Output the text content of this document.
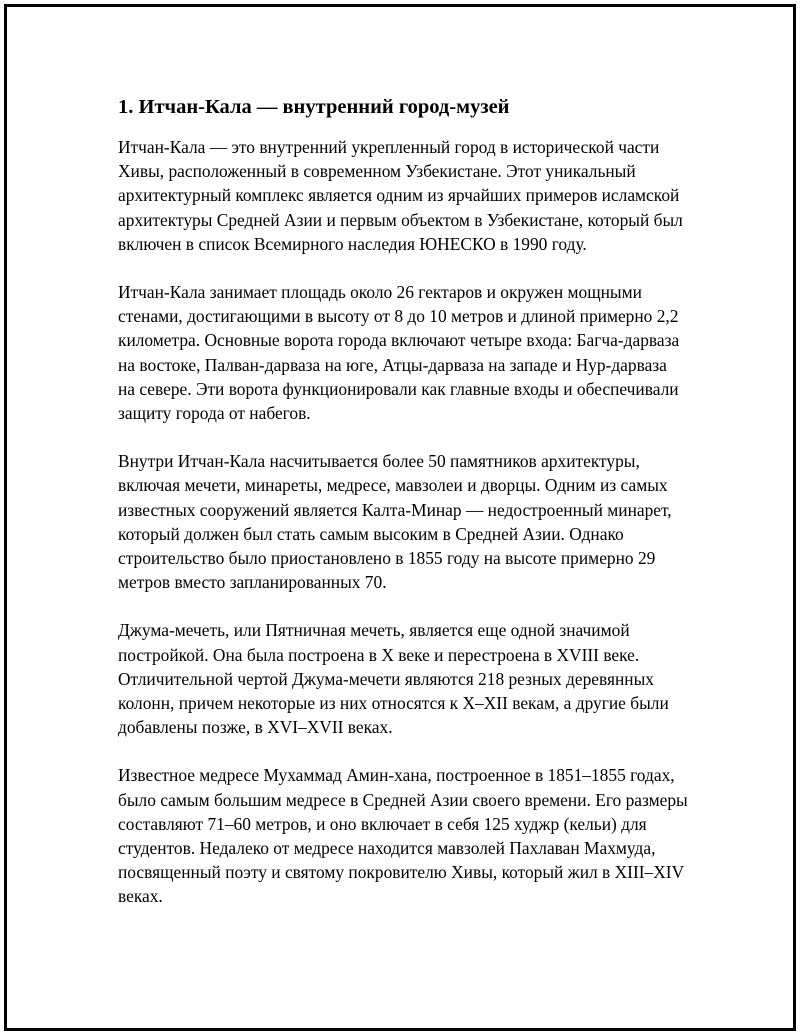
1. Итчан-Кала — внутренний город-музей

Итчан-Кала — это внутренний укрепленный город в исторической части Хивы, расположенный в современном Узбекистане. Этот уникальный архитектурный комплекс является одним из ярчайших примеров исламской архитектуры Средней Азии и первым объектом в Узбекистане, который был включен в список Всемирного наследия ЮНЕСКО в 1990 году.

Итчан-Кала занимает площадь около 26 гектаров и окружен мощными стенами, достигающими в высоту от 8 до 10 метров и длиной примерно 2,2 километра. Основные ворота города включают четыре входа: Багча-дарваза на востоке, Палван-дарваза на юге, Атцы-дарваза на западе и Нур-дарваза на севере. Эти ворота функционировали как главные входы и обеспечивали защиту города от набегов.

Внутри Итчан-Кала насчитывается более 50 памятников архитектуры, включая мечети, минареты, медресе, мавзолеи и дворцы. Одним из самых известных сооружений является Калта-Минар — недостроенный минарет, который должен был стать самым высоким в Средней Азии. Однако строительство было приостановлено в 1855 году на высоте примерно 29 метров вместо запланированных 70.

Джума-мечеть, или Пятничная мечеть, является еще одной значимой постройкой. Она была построена в X веке и перестроена в XVIII веке. Отличительной чертой Джума-мечети являются 218 резных деревянных колонн, причем некоторые из них относятся к X–XII векам, а другие были добавлены позже, в XVI–XVII веках.

Известное медресе Мухаммад Амин-хана, построенное в 1851–1855 годах, было самым большим медресе в Средней Азии своего времени. Его размеры составляют 71–60 метров, и оно включает в себя 125 худжр (кельи) для студентов. Недалеко от медресе находится мавзолей Пахлаван Махмуда, посвященный поэту и святому покровителю Хивы, который жил в XIII–XIV веках.
